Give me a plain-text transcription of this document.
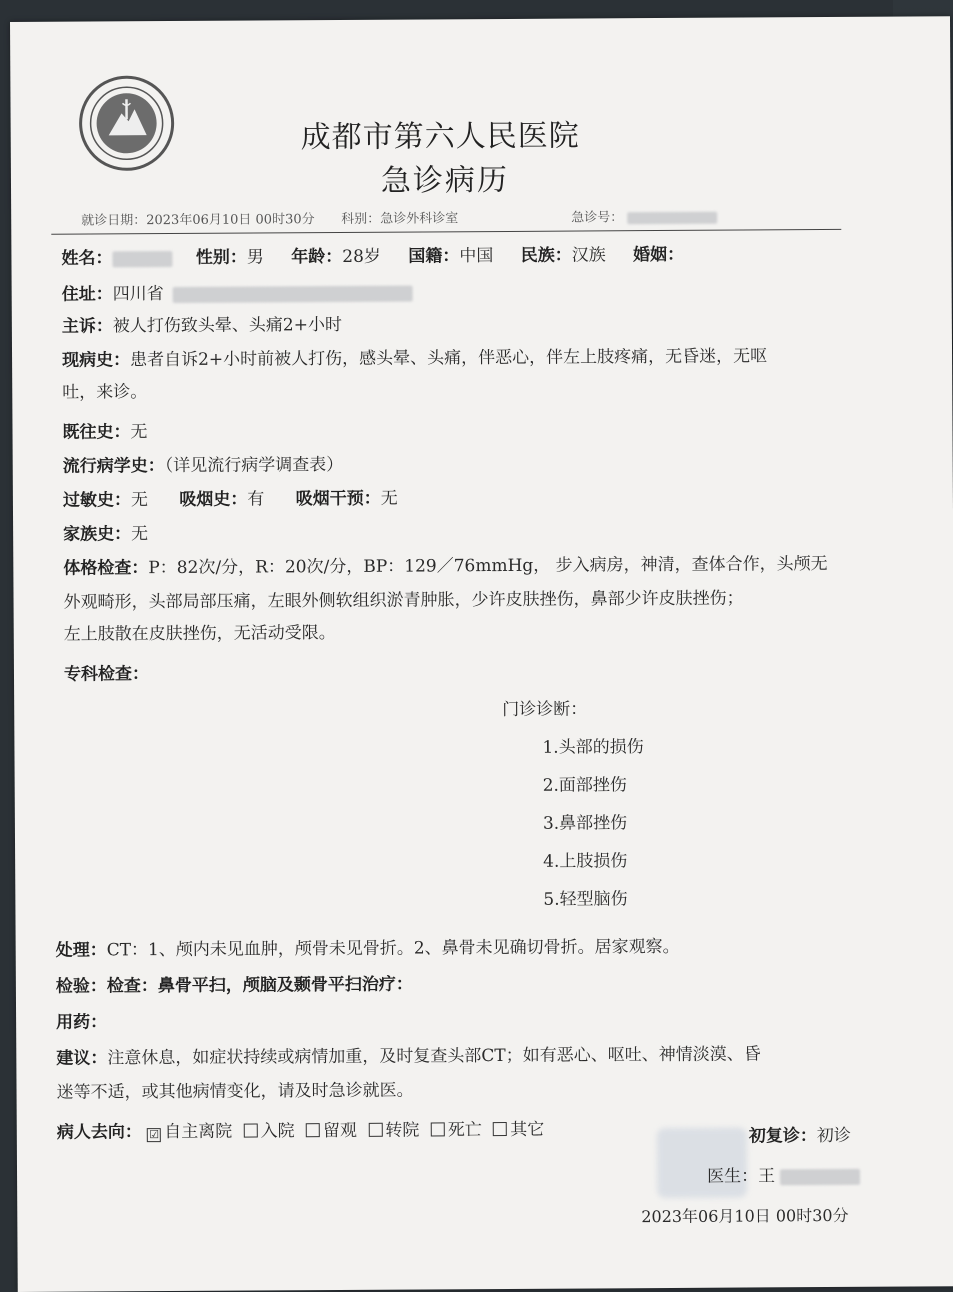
成都市第六人民医院
急诊病历
就诊日期：2023年06月10日 00时30分 科别：急诊外科诊室	急诊号：
姓名：	性别：男 年龄：28岁 国籍：中国 民族：汉族 婚姻：
住址：四川省
主诉：被人打伤致头晕、头痛2+小时
现病史：患者自诉2+小时前被人打伤，感头晕、头痛，伴恶心，伴左上肢疼痛，无昏迷，无呕
吐，来诊。
既往史：无
流行病学史：（详见流行病学调查表）
过敏史：无 吸烟史：有 吸烟干预：无
家族史：无
体格检查：P：82次/分，R：20次/分，BP：129／76mmHg， 步入病房，神清，查体合作，头颅无
外观畸形，头部局部压痛，左眼外侧软组织淤青肿胀，少许皮肤挫伤，鼻部少许皮肤挫伤；
左上肢散在皮肤挫伤，无活动受限。
专科检查：
门诊诊断：
1.头部的损伤
2.面部挫伤
3.鼻部挫伤
4.上肢损伤
5.轻型脑伤
处理：CT：1、颅内未见血肿，颅骨未见骨折。2、鼻骨未见确切骨折。居家观察。
检验：检查：鼻骨平扫，颅脑及颞骨平扫治疗：
用药：
建议：注意休息，如症状持续或病情加重，及时复查头部CT；如有恶心、呕吐、神情淡漠、昏
迷等不适，或其他病情变化，请及时急诊就医。
病人去向： ☑ 自主离院 入院 留观 转院 死亡 其它	初复诊：初诊
医生：王
2023年06月10日 00时30分
